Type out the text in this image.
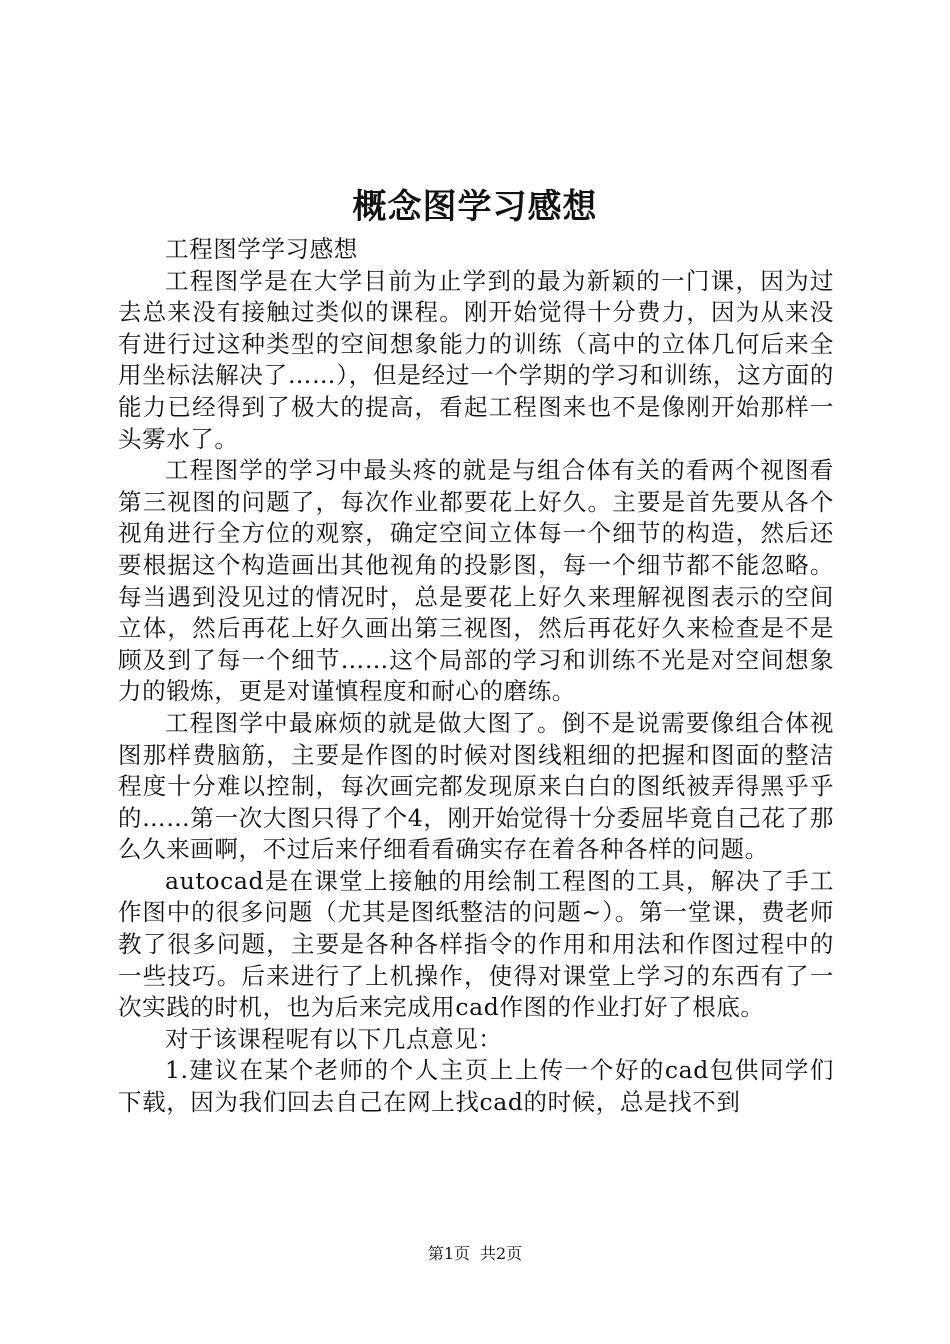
概念图学习感想

工程图学学习感想

工程图学是在大学目前为止学到的最为新颖的一门课，因为过去总来没有接触过类似的课程。刚开始觉得十分费力，因为从来没有进行过这种类型的空间想象能力的训练（高中的立体几何后来全用坐标法解决了……），但是经过一个学期的学习和训练，这方面的能力已经得到了极大的提高，看起工程图来也不是像刚开始那样一头雾水了。

工程图学的学习中最头疼的就是与组合体有关的看两个视图看第三视图的问题了，每次作业都要花上好久。主要是首先要从各个视角进行全方位的观察，确定空间立体每一个细节的构造，然后还要根据这个构造画出其他视角的投影图，每一个细节都不能忽略。每当遇到没见过的情况时，总是要花上好久来理解视图表示的空间立体，然后再花上好久画出第三视图，然后再花好久来检查是不是顾及到了每一个细节……这个局部的学习和训练不光是对空间想象力的锻炼，更是对谨慎程度和耐心的磨练。

工程图学中最麻烦的就是做大图了。倒不是说需要像组合体视图那样费脑筋，主要是作图的时候对图线粗细的把握和图面的整洁程度十分难以控制，每次画完都发现原来白白的图纸被弄得黑乎乎的……第一次大图只得了个4，刚开始觉得十分委屈毕竟自己花了那么久来画啊，不过后来仔细看看确实存在着各种各样的问题。

autocad是在课堂上接触的用绘制工程图的工具，解决了手工作图中的很多问题（尤其是图纸整洁的问题~）。第一堂课，费老师教了很多问题，主要是各种各样指令的作用和用法和作图过程中的一些技巧。后来进行了上机操作，使得对课堂上学习的东西有了一次实践的时机，也为后来完成用cad作图的作业打好了根底。

对于该课程呢有以下几点意见：

1.建议在某个老师的个人主页上上传一个好的cad包供同学们下载，因为我们回去自己在网上找cad的时候，总是找不到

第1页 共2页
